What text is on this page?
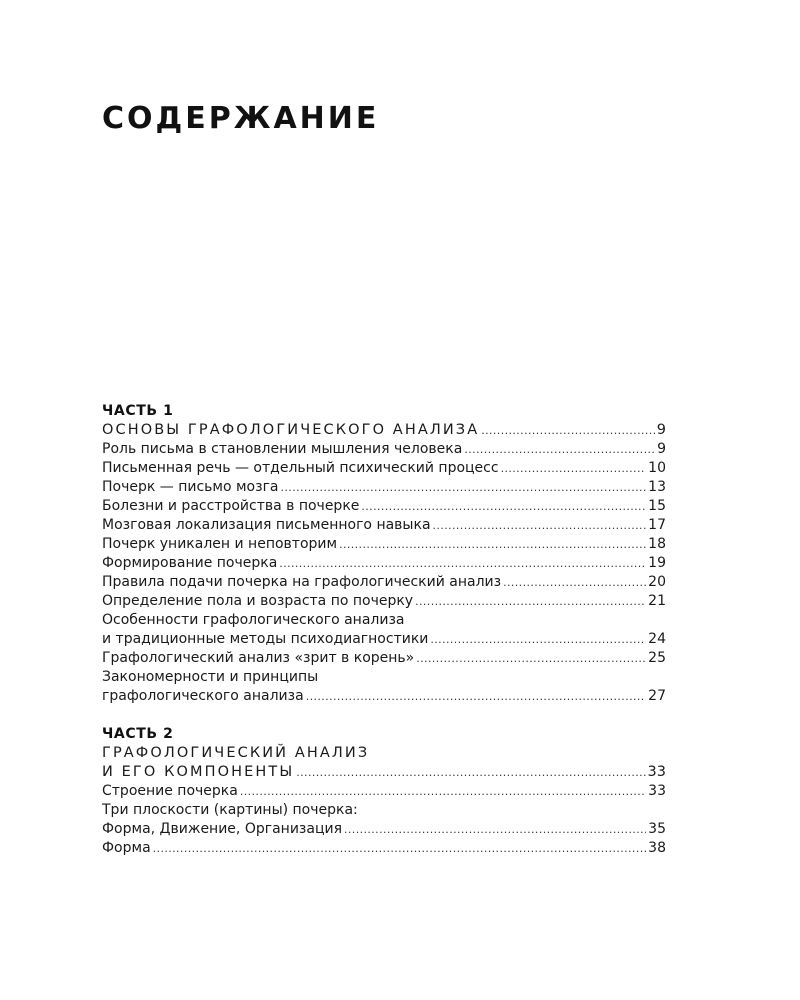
СОДЕРЖАНИЕ
ЧАСТЬ 1
ОСНОВЫ ГРАФОЛОГИЧЕСКОГО АНАЛИЗА .....	9
Роль письма в становлении мышления человека .....	9
Письменная речь — отдельный психический процесс .....	10
Почерк — письмо мозга .....	13
Болезни и расстройства в почерке .....	15
Мозговая локализация письменного навыка .....	17
Почерк уникален и неповторим .....	18
Формирование почерка .....	19
Правила подачи почерка на графологический анализ .....	20
Определение пола и возраста по почерку .....	21
Особенности графологического анализа
и традиционные методы психодиагностики .....	24
Графологический анализ «зрит в корень» .....	25
Закономерности и принципы
графологического анализа .....	27
ЧАСТЬ 2
ГРАФОЛОГИЧЕСКИЙ АНАЛИЗ
И ЕГО КОМПОНЕНТЫ .....	33
Строение почерка .....	33
Три плоскости (картины) почерка:
Форма, Движение, Организация .....	35
Форма .....	38
